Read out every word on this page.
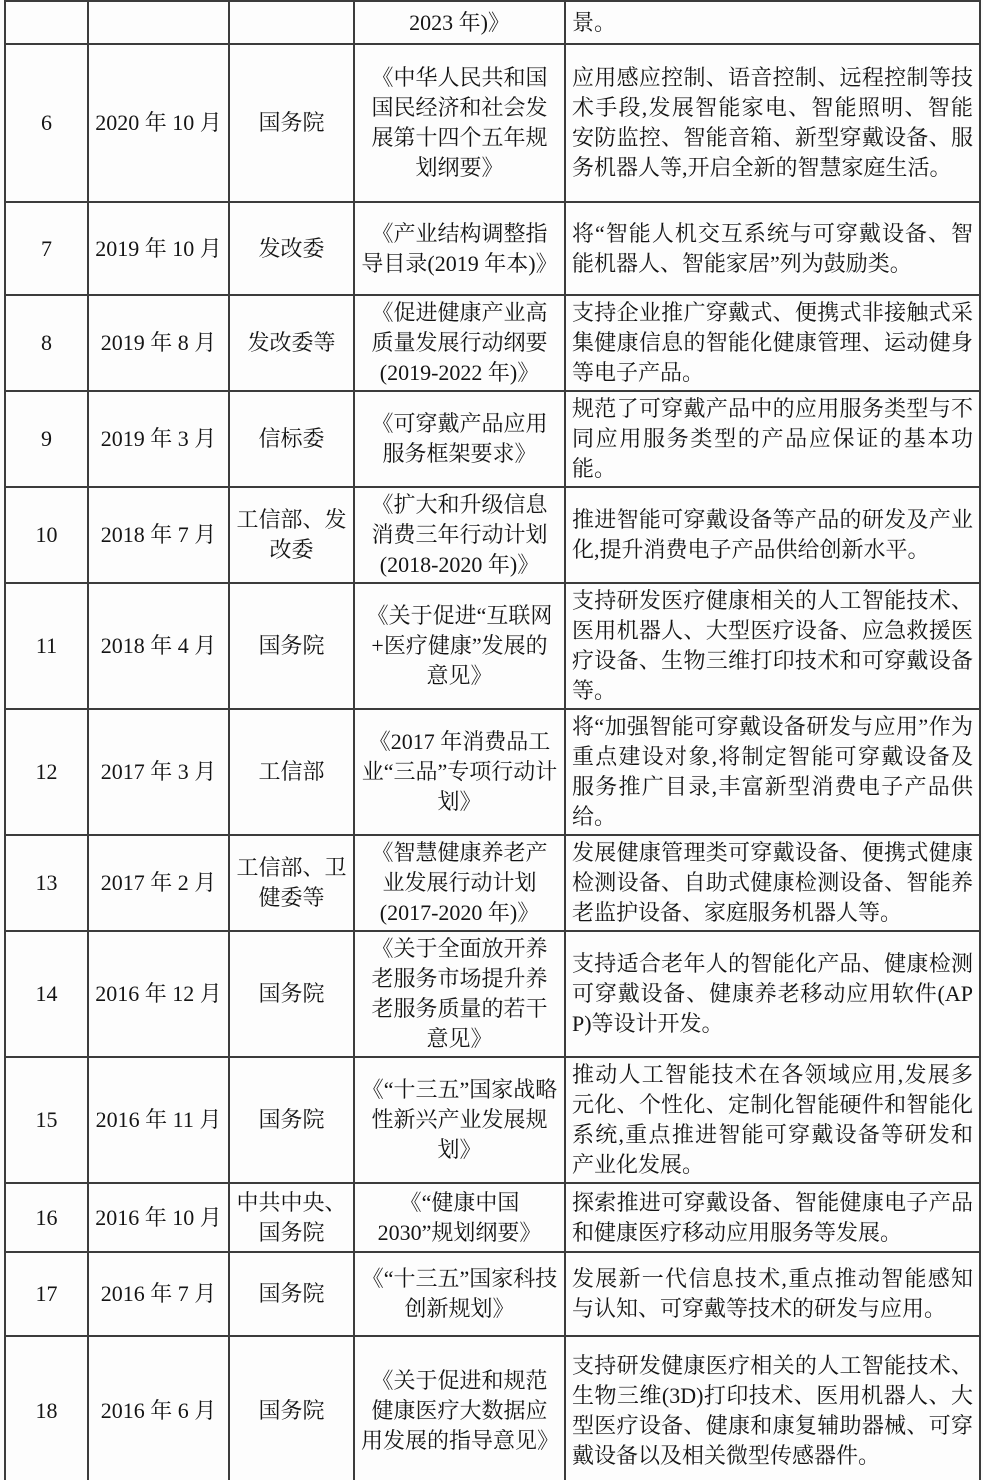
			2023 年)》	景。
6	2020 年 10 月	国务院	《中华人民共和国国民经济和社会发展第十四个五年规划纲要》	应用感应控制、语音控制、远程控制等技术手段,发展智能家电、智能照明、智能安防监控、智能音箱、新型穿戴设备、服务机器人等,开启全新的智慧家庭生活。
7	2019 年 10 月	发改委	《产业结构调整指导目录(2019 年本)》	将“智能人机交互系统与可穿戴设备、智能机器人、智能家居”列为鼓励类。
8	2019 年 8 月	发改委等	《促进健康产业高质量发展行动纲要(2019-2022 年)》	支持企业推广穿戴式、便携式非接触式采集健康信息的智能化健康管理、运动健身等电子产品。
9	2019 年 3 月	信标委	《可穿戴产品应用服务框架要求》	规范了可穿戴产品中的应用服务类型与不同应用服务类型的产品应保证的基本功能。
10	2018 年 7 月	工信部、发改委	《扩大和升级信息消费三年行动计划(2018-2020 年)》	推进智能可穿戴设备等产品的研发及产业化,提升消费电子产品供给创新水平。
11	2018 年 4 月	国务院	《关于促进“互联网+医疗健康”发展的意见》	支持研发医疗健康相关的人工智能技术、医用机器人、大型医疗设备、应急救援医疗设备、生物三维打印技术和可穿戴设备等。
12	2017 年 3 月	工信部	《2017 年消费品工业“三品”专项行动计划》	将“加强智能可穿戴设备研发与应用”作为重点建设对象,将制定智能可穿戴设备及服务推广目录,丰富新型消费电子产品供给。
13	2017 年 2 月	工信部、卫健委等	《智慧健康养老产业发展行动计划(2017-2020 年)》	发展健康管理类可穿戴设备、便携式健康检测设备、自助式健康检测设备、智能养老监护设备、家庭服务机器人等。
14	2016 年 12 月	国务院	《关于全面放开养老服务市场提升养老服务质量的若干意见》	支持适合老年人的智能化产品、健康检测可穿戴设备、健康养老移动应用软件(APP)等设计开发。
15	2016 年 11 月	国务院	《“十三五”国家战略性新兴产业发展规划》	推动人工智能技术在各领域应用,发展多元化、个性化、定制化智能硬件和智能化系统,重点推进智能可穿戴设备等研发和产业化发展。
16	2016 年 10 月	中共中央、国务院	《“健康中国 2030”规划纲要》	探索推进可穿戴设备、智能健康电子产品和健康医疗移动应用服务等发展。
17	2016 年 7 月	国务院	《“十三五”国家科技创新规划》	发展新一代信息技术,重点推动智能感知与认知、可穿戴等技术的研发与应用。
18	2016 年 6 月	国务院	《关于促进和规范健康医疗大数据应用发展的指导意见》	支持研发健康医疗相关的人工智能技术、生物三维(3D)打印技术、医用机器人、大型医疗设备、健康和康复辅助器械、可穿戴设备以及相关微型传感器件。
